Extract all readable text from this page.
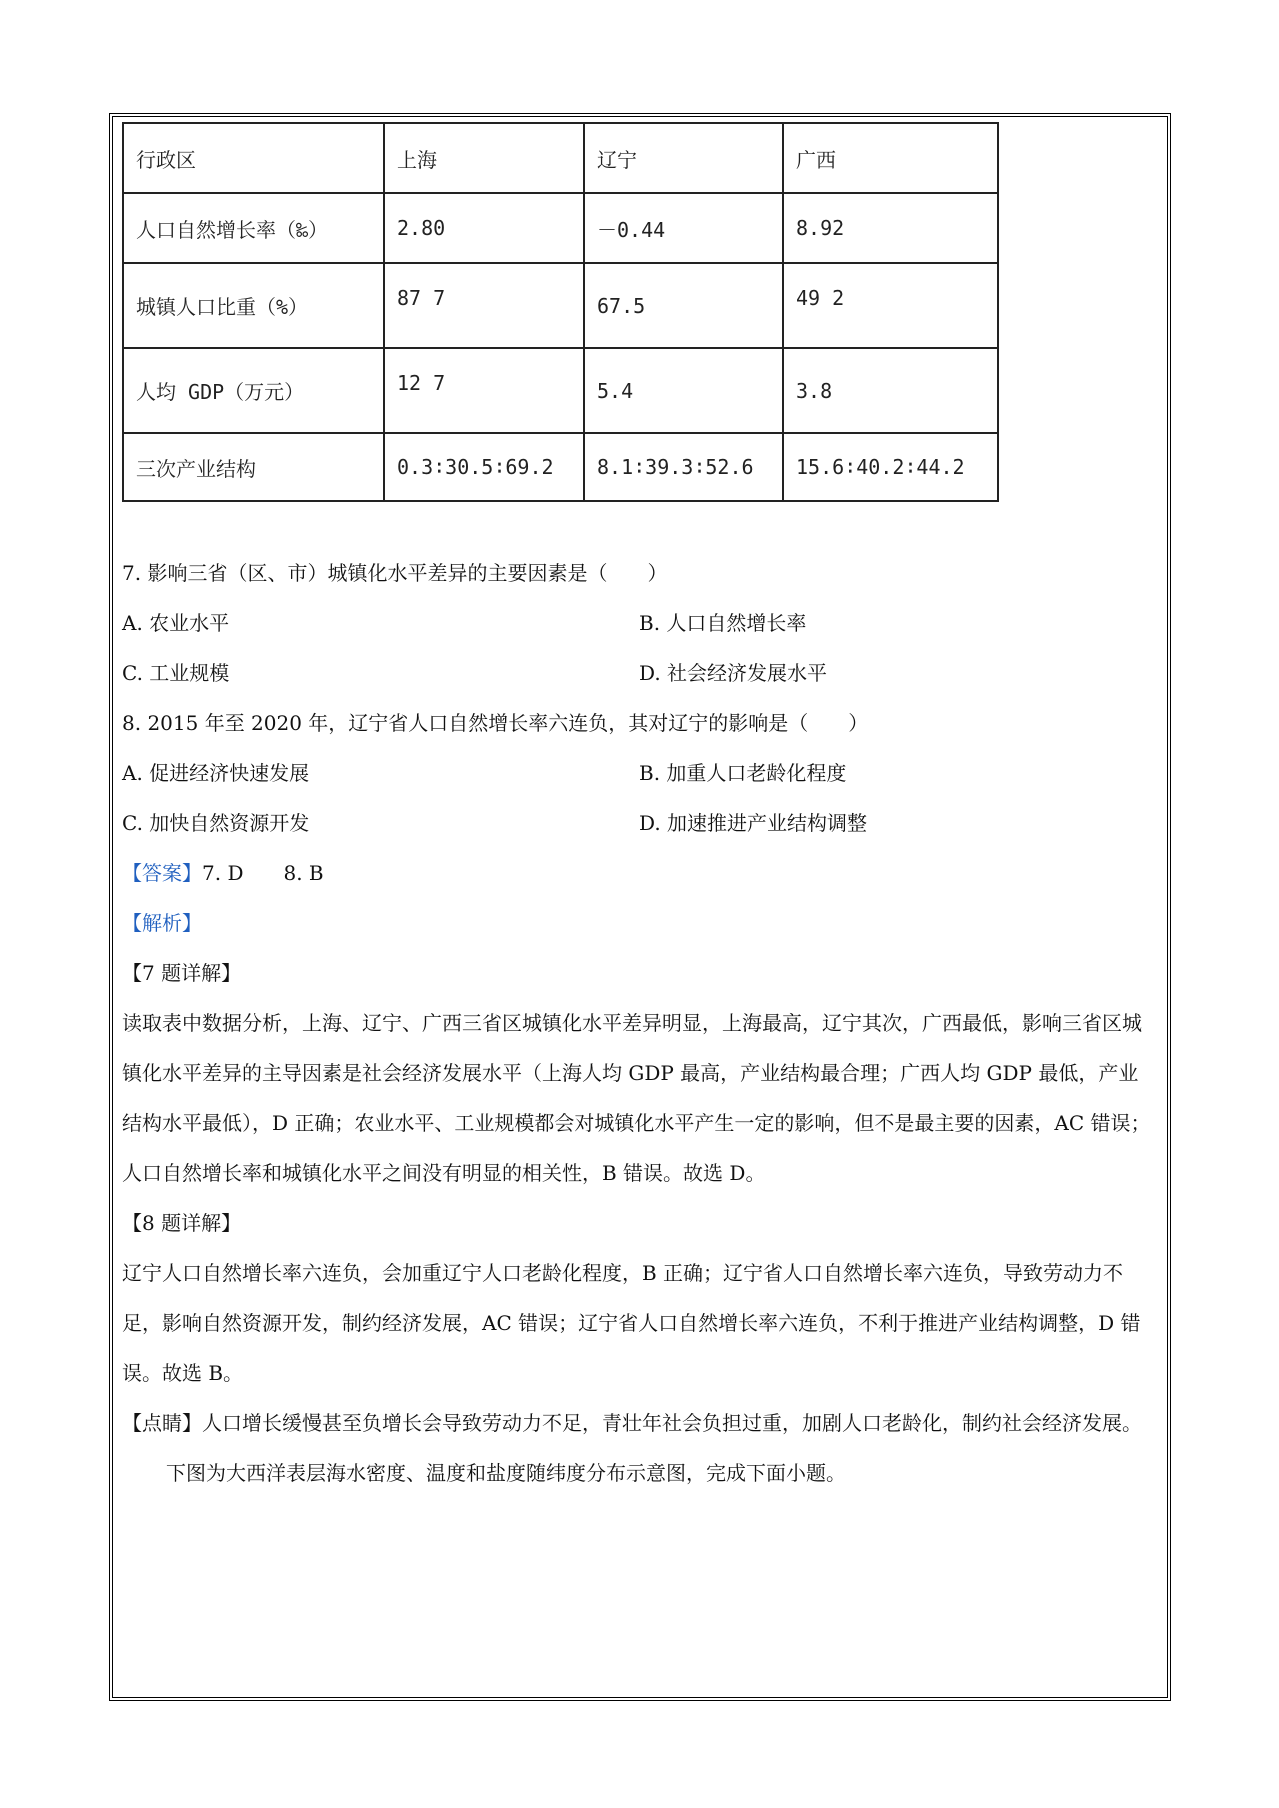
行政区	上海	辽宁	广西
人口自然增长率（‰）	2.80	－0.44	8.92
城镇人口比重（%）	87 7	67.5	49 2
人均 GDP（万元）	12 7	5.4	3.8
三次产业结构	0.3∶30.5∶69.2	8.1∶39.3∶52.6	15.6∶40.2∶44.2
7. 影响三省（区、市）城镇化水平差异的主要因素是（　　）
A. 农业水平	B. 人口自然增长率
C. 工业规模	D. 社会经济发展水平
8. 2015 年至 2020 年，辽宁省人口自然增长率六连负，其对辽宁的影响是（　　）
A. 促进经济快速发展	B. 加重人口老龄化程度
C. 加快自然资源开发	D. 加速推进产业结构调整
【答案】7. D　　8. B
【解析】
【7 题详解】
读取表中数据分析，上海、辽宁、广西三省区城镇化水平差异明显，上海最高，辽宁其次，广西最低，影响三省区城镇化水平差异的主导因素是社会经济发展水平（上海人均 GDP 最高，产业结构最合理；广西人均 GDP 最低，产业结构水平最低），D 正确；农业水平、工业规模都会对城镇化水平产生一定的影响，但不是最主要的因素，AC 错误；人口自然增长率和城镇化水平之间没有明显的相关性，B 错误。故选 D。
【8 题详解】
辽宁人口自然增长率六连负，会加重辽宁人口老龄化程度，B 正确；辽宁省人口自然增长率六连负，导致劳动力不足，影响自然资源开发，制约经济发展，AC 错误；辽宁省人口自然增长率六连负，不利于推进产业结构调整，D 错误。故选 B。
【点睛】人口增长缓慢甚至负增长会导致劳动力不足，青壮年社会负担过重，加剧人口老龄化，制约社会经济发展。
下图为大西洋表层海水密度、温度和盐度随纬度分布示意图，完成下面小题。
